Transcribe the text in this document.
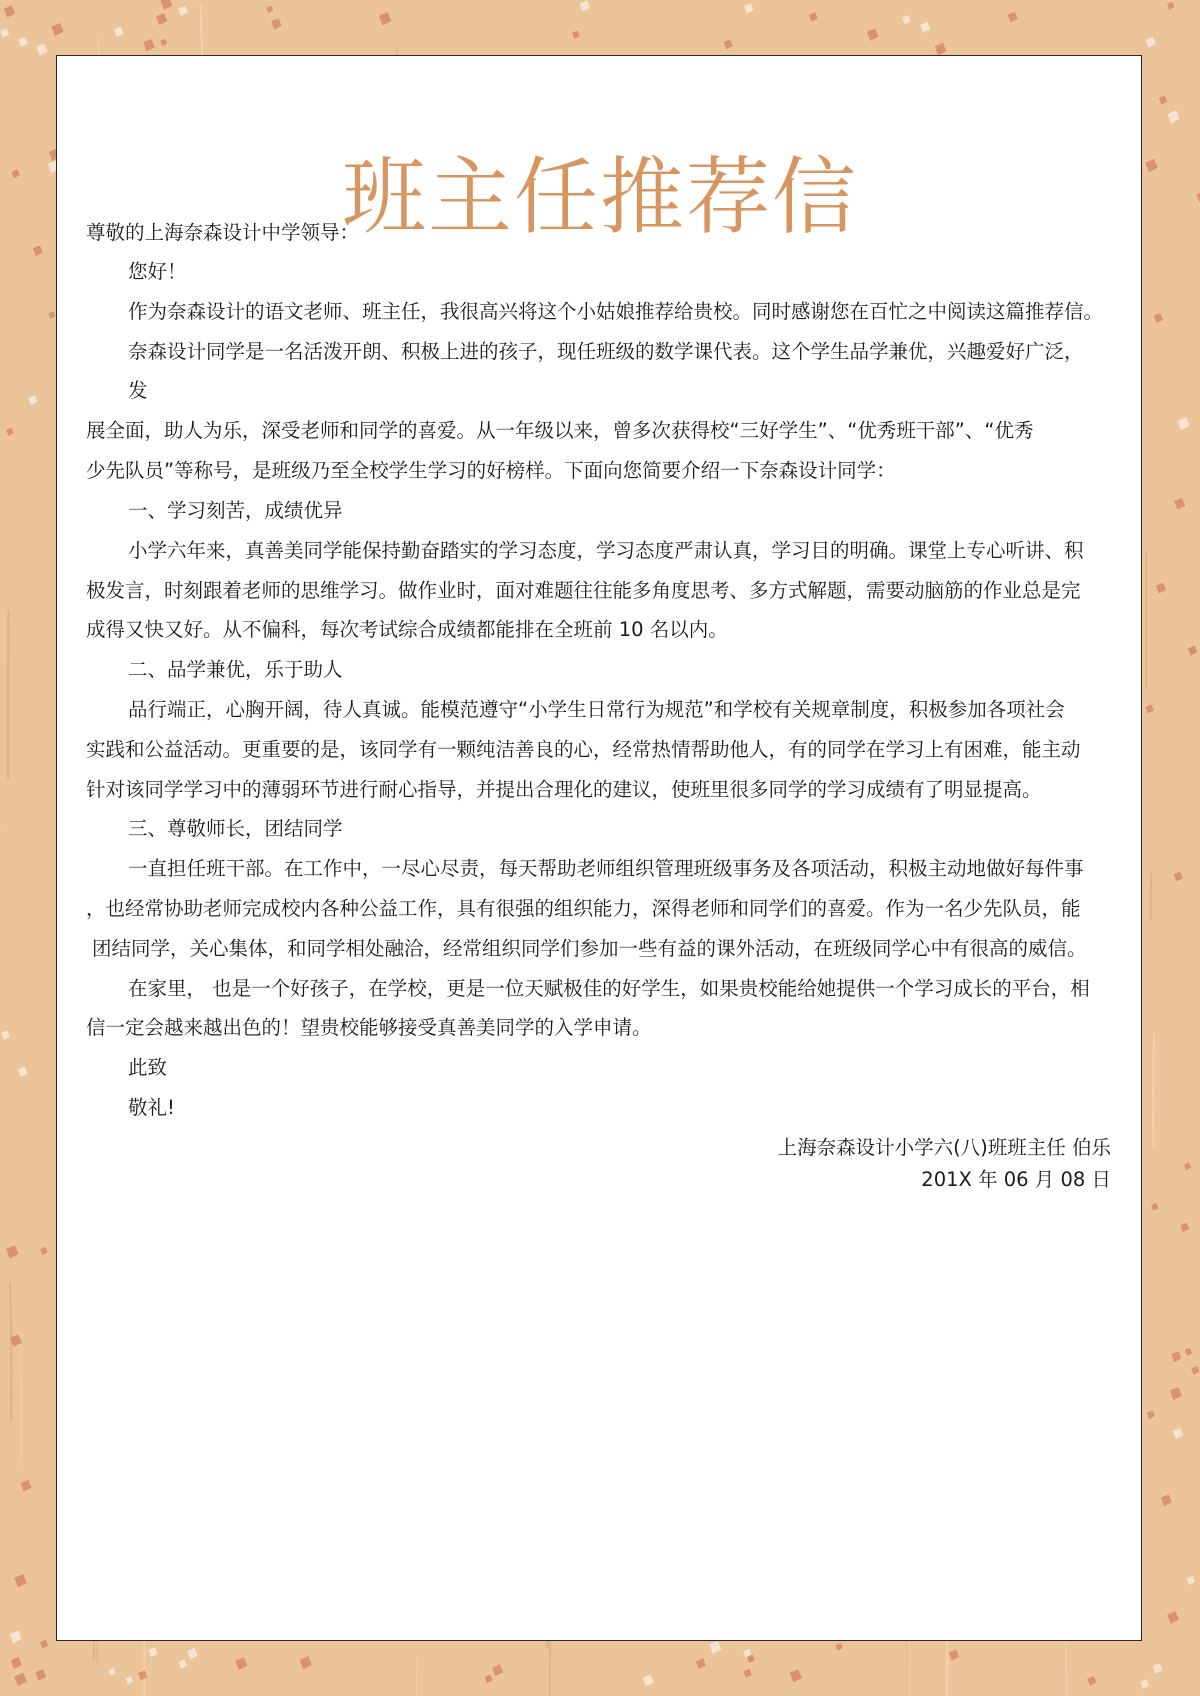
班主任推荐信
尊敬的上海奈森设计中学领导：
您好！
作为奈森设计的语文老师、班主任，我很高兴将这个小姑娘推荐给贵校。同时感谢您在百忙之中阅读这篇推荐信。
奈森设计同学是一名活泼开朗、积极上进的孩子，现任班级的数学课代表。这个学生品学兼优，兴趣爱好广泛，
发
展全面，助人为乐，深受老师和同学的喜爱。从一年级以来，曾多次获得校“三好学生”、“优秀班干部”、“优秀
少先队员”等称号，是班级乃至全校学生学习的好榜样。下面向您简要介绍一下奈森设计同学：
一、学习刻苦，成绩优异
小学六年来，真善美同学能保持勤奋踏实的学习态度，学习态度严肃认真，学习目的明确。课堂上专心听讲、积
极发言，时刻跟着老师的思维学习。做作业时，面对难题往往能多角度思考、多方式解题，需要动脑筋的作业总是完
成得又快又好。从不偏科，每次考试综合成绩都能排在全班前 10 名以内。
二、品学兼优，乐于助人
品行端正，心胸开阔，待人真诚。能模范遵守“小学生日常行为规范”和学校有关规章制度，积极参加各项社会
实践和公益活动。更重要的是，该同学有一颗纯洁善良的心，经常热情帮助他人，有的同学在学习上有困难，能主动
针对该同学学习中的薄弱环节进行耐心指导，并提出合理化的建议，使班里很多同学的学习成绩有了明显提高。
三、尊敬师长，团结同学
一直担任班干部。在工作中，一尽心尽责，每天帮助老师组织管理班级事务及各项活动，积极主动地做好每件事
，也经常协助老师完成校内各种公益工作，具有很强的组织能力，深得老师和同学们的喜爱。作为一名少先队员，能
团结同学，关心集体，和同学相处融洽，经常组织同学们参加一些有益的课外活动，在班级同学心中有很高的威信。
在家里， 也是一个好孩子，在学校，更是一位天赋极佳的好学生，如果贵校能给她提供一个学习成长的平台，相
信一定会越来越出色的！望贵校能够接受真善美同学的入学申请。
此致
敬礼!
上海奈森设计小学六(八)班班主任 伯乐
201X 年 06 月 08 日
